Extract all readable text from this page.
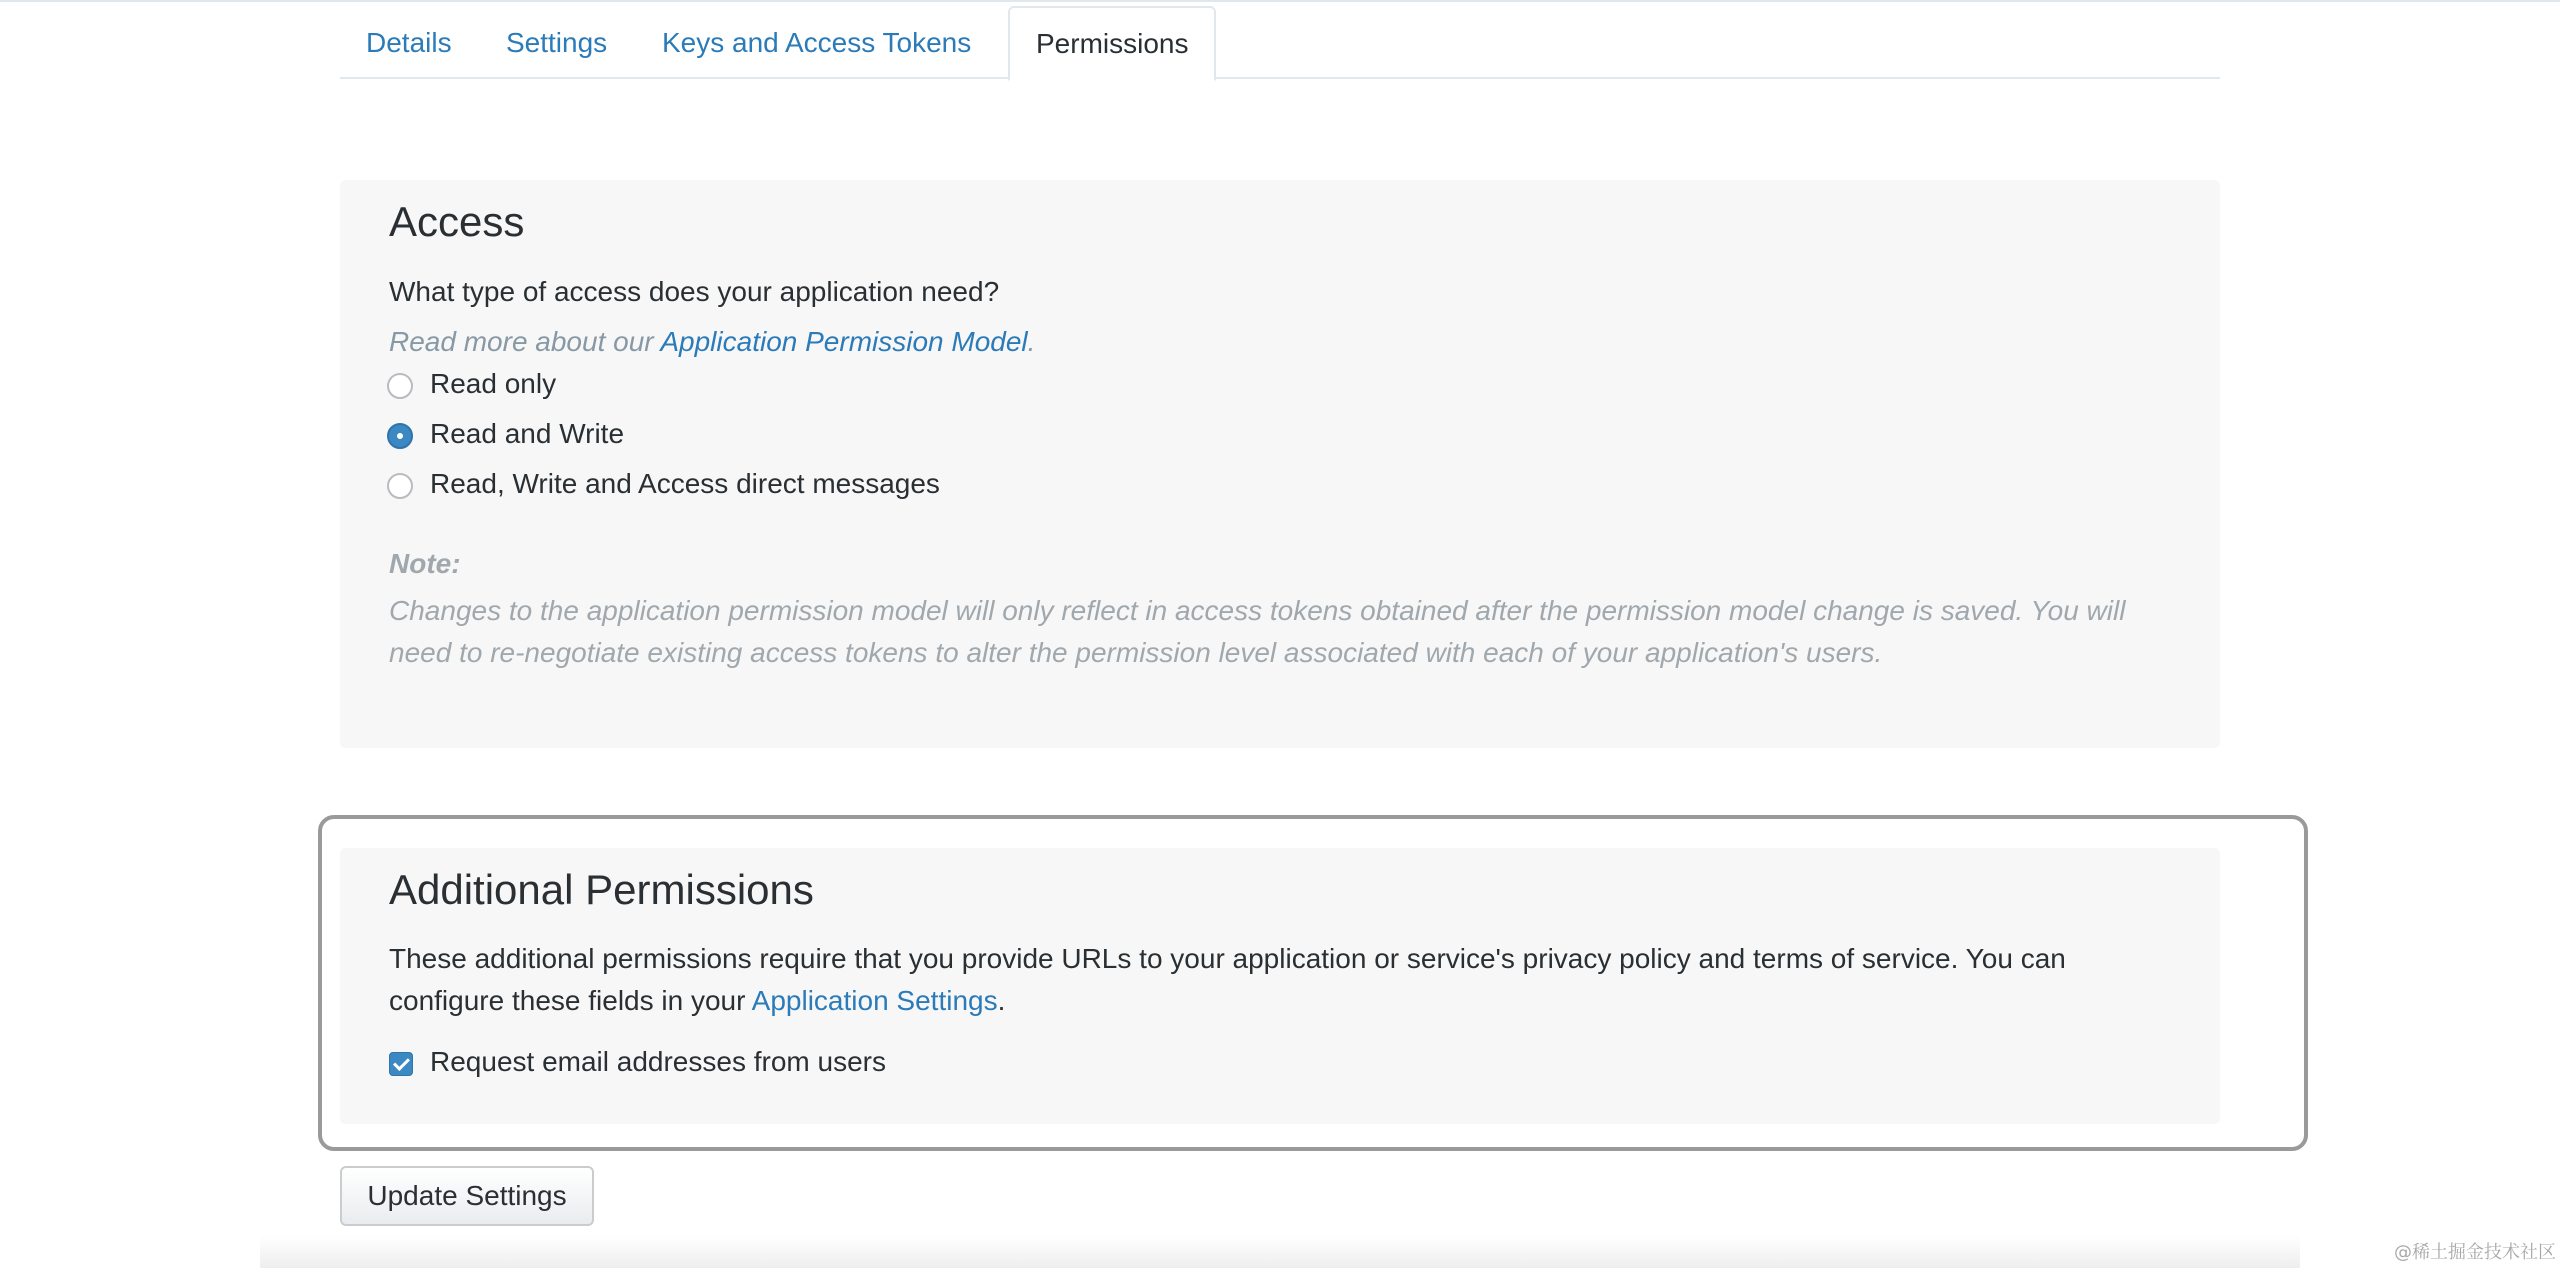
Details	Settings	Keys and Access Tokens	Permissions
Access
What type of access does your application need?
Read more about our Application Permission Model.
Read only
Read and Write
Read, Write and Access direct messages
Note:
Changes to the application permission model will only reflect in access tokens obtained after the permission model change is saved. You will need to re-negotiate existing access tokens to alter the permission level associated with each of your application's users.
Additional Permissions
These additional permissions require that you provide URLs to your application or service's privacy policy and terms of service. You can configure these fields in your Application Settings.
Request email addresses from users
Update Settings
@稀土掘金技术社区
